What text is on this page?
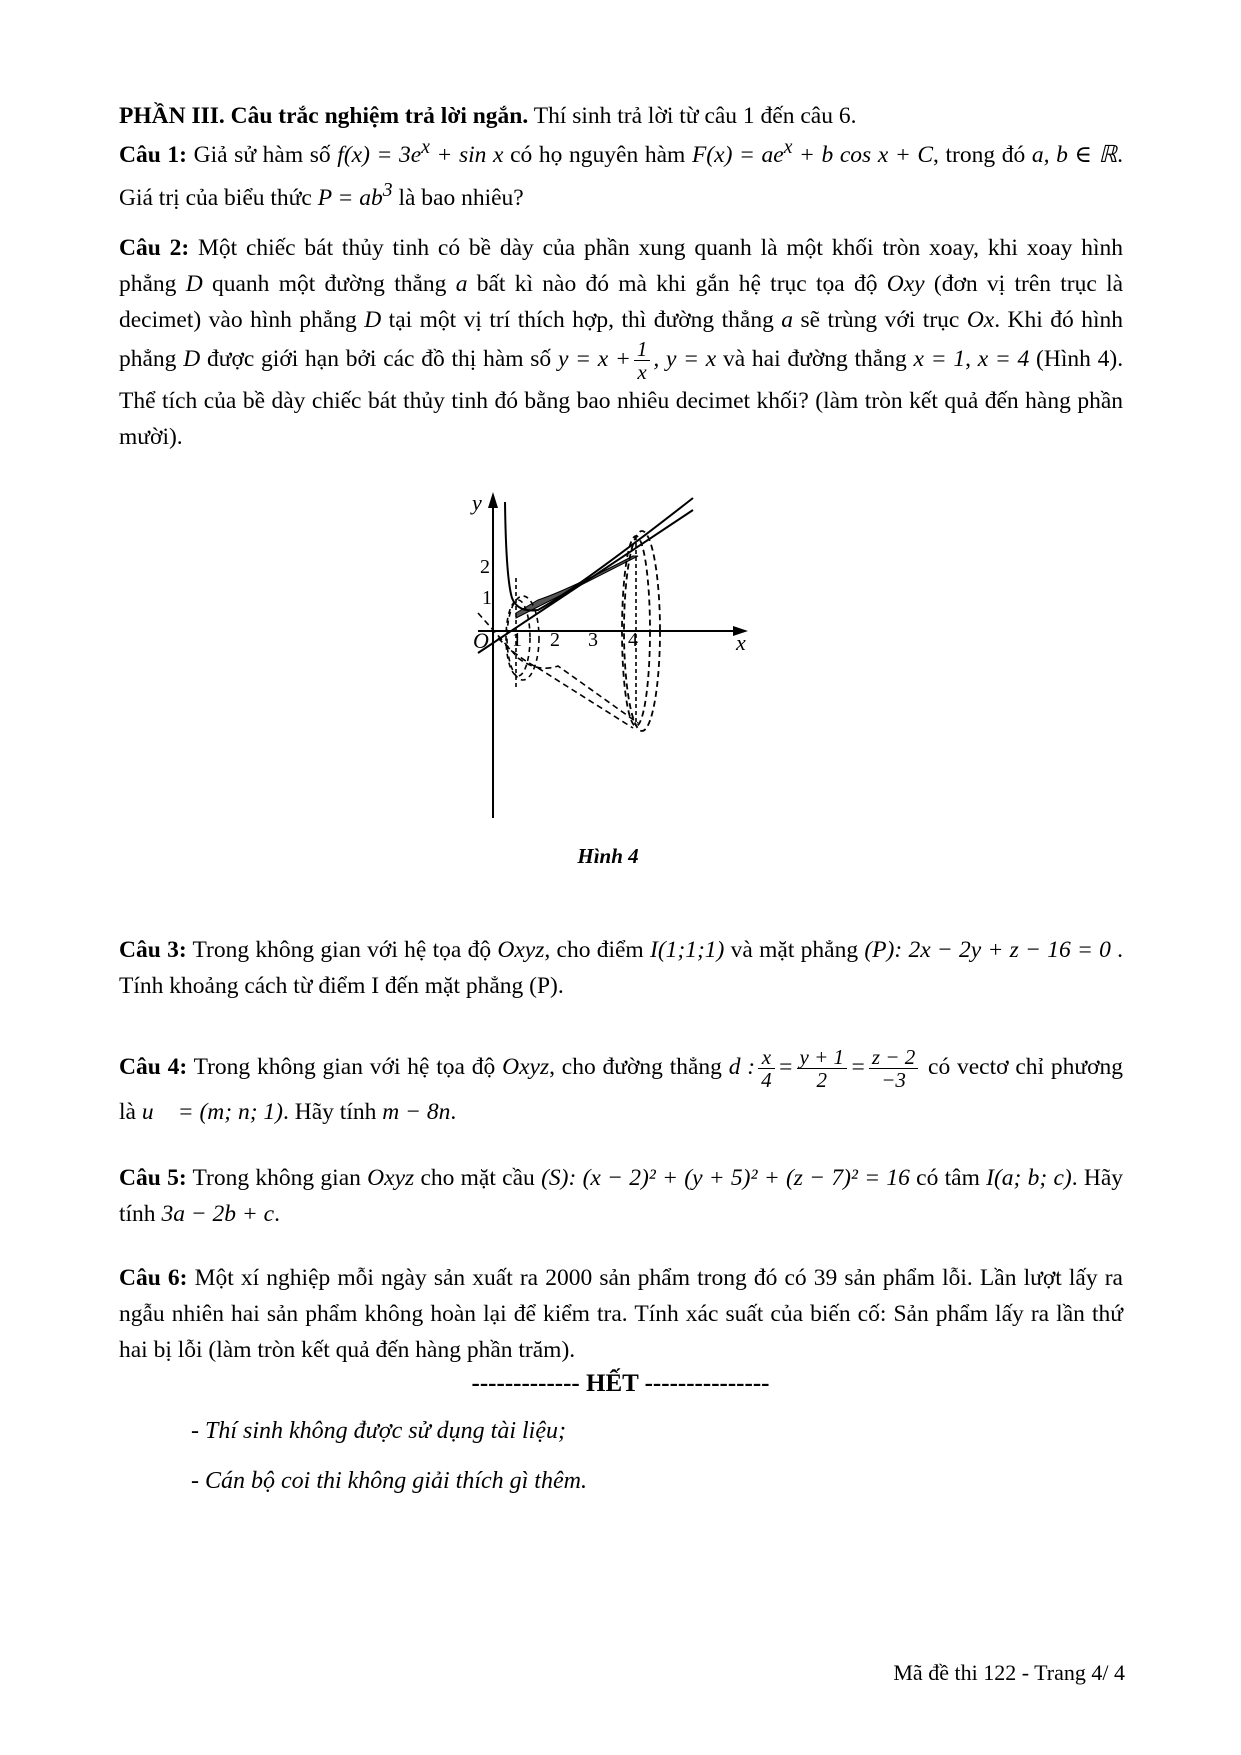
PHẦN III. Câu trắc nghiệm trả lời ngắn. Thí sinh trả lời từ câu 1 đến câu 6.

Câu 1: Giả sử hàm số $f(x) = 3e^x + \sin x$ có họ nguyên hàm $F(x) = ae^x + b$ cos x + C, trong đó a, b ∈ ℝ. Giá trị của biểu thức $P = ab^3$ là bao nhiêu?

Câu 2: Một chiếc bát thủy tinh có bề dày của phần xung quanh là một khối tròn xoay, khi xoay hình phẳng D quanh một đường thẳng a bất kì nào đó mà khi gắn hệ trục tọa độ Oxy (đơn vị trên trục là decimet) vào hình phẳng D tại một vị trí thích hợp, thì đường thẳng a sẽ trùng với trục Ox. Khi đó hình phẳng D được giới hạn bởi các đồ thị hàm số $y = x + \frac{1}{x}$ , y = x và hai đường thẳng x = 1, x = 4 (Hình 4). Thể tích của bề dày chiếc bát thủy tinh đó bằng bao nhiêu decimet khối? (làm tròn kết quả đến hàng phần mười).

y
x
O
2
1
1 2 3 4
Hình 4

Câu 3: Trong không gian với hệ tọa độ Oxyz, cho điểm I(1;1;1) và mặt phẳng (P): 2x − 2y + z − 16 = 0 . Tính khoảng cách từ điểm I đến mặt phẳng (P).

Câu 4: Trong không gian với hệ tọa độ Oxyz, cho đường thẳng d : $\frac{x}{4} = \frac{y + 1}{2} = \frac{z - 2}{-3}$ có vectơ chỉ phương là u⃗ = (m; n; 1). Hãy tính m − 8n.

Câu 5: Trong không gian Oxyz cho mặt cầu (S): (x − 2)² + (y + 5)² + (z − 7)² = 16 có tâm I(a; b; c). Hãy tính 3a − 2b + c.

Câu 6: Một xí nghiệp mỗi ngày sản xuất ra 2000 sản phẩm trong đó có 39 sản phẩm lỗi. Lần lượt lấy ra ngẫu nhiên hai sản phẩm không hoàn lại để kiểm tra. Tính xác suất của biến cố: Sản phẩm lấy ra lần thứ hai bị lỗi (làm tròn kết quả đến hàng phần trăm).

------------- HẾT ---------------
- Thí sinh không được sử dụng tài liệu;
- Cán bộ coi thi không giải thích gì thêm.
Mã đề thi 122 - Trang 4/ 4
